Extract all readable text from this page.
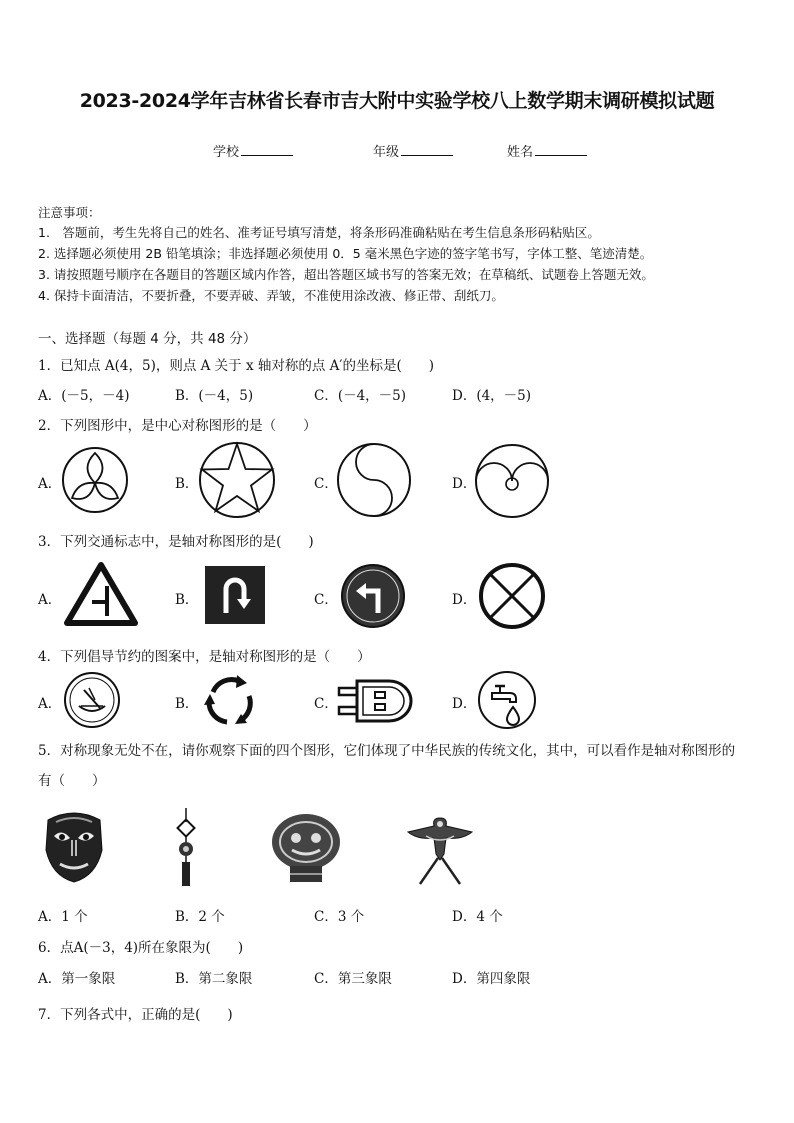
2023-2024学年吉林省长春市吉大附中实验学校八上数学期末调研模拟试题
学校	年级	姓名
注意事项：
1.　答题前，考生先将自己的姓名、准考证号填写清楚，将条形码准确粘贴在考生信息条形码粘贴区。
2. 选择题必须使用 2B 铅笔填涂；非选择题必须使用 0．5 毫米黑色字迹的签字笔书写，字体工整、笔迹清楚。
3. 请按照题号顺序在各题目的答题区域内作答，超出答题区域书写的答案无效；在草稿纸、试题卷上答题无效。
4. 保持卡面清洁，不要折叠，不要弄破、弄皱，不准使用涂改液、修正带、刮纸刀。
一、选择题（每题 4 分，共 48 分）
1．已知点 A(4，5)，则点 A 关于 x 轴对称的点 A′的坐标是(　　)
A．(－5，－4)	B．(－4，5)	C．(－4，－5)	D．(4，－5)
2．下列图形中，是中心对称图形的是（　　）
A．	B．	C．	D．
3．下列交通标志中，是轴对称图形的是(　　)
A．	B．	C．	D．
4．下列倡导节约的图案中，是轴对称图形的是（　　）
A．	B．	C．	D．
5．对称现象无处不在，请你观察下面的四个图形，它们体现了中华民族的传统文化，其中，可以看作是轴对称图形的
有（　　）
A．1 个	B．2 个	C．3 个	D．4 个
6．点A(－3，4)所在象限为(　　)
A．第一象限	B．第二象限	C．第三象限	D．第四象限
7．下列各式中，正确的是(　　)
